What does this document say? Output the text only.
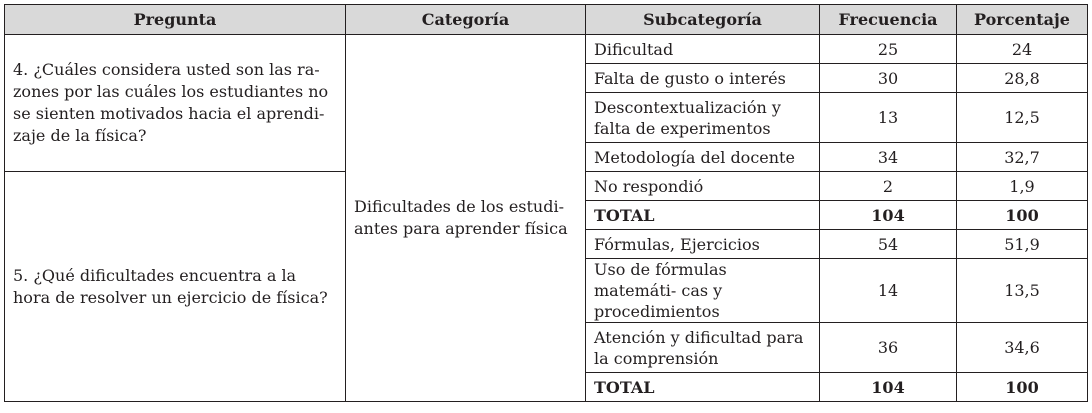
Pregunta	Categoría	Subcategoría	Frecuencia	Porcentaje
4. ¿Cuáles considera usted son las ra- zones por las cuáles los estudiantes no se sienten motivados hacia el aprendi- zaje de la física?	Dificultades de los estudi- antes para aprender física	Dificultad	25	24
		Falta de gusto o interés	30	28,8
		Descontextualización y falta de experimentos	13	12,5
		Metodología del docente	34	32,7
5. ¿Qué dificultades encuentra a la hora de resolver un ejercicio de física?		No respondió	2	1,9
		TOTAL	104	100
		Fórmulas, Ejercicios	54	51,9
		Uso de fórmulas matemáti- cas y procedimientos	14	13,5
		Atención y dificultad para la comprensión	36	34,6
		TOTAL	104	100
